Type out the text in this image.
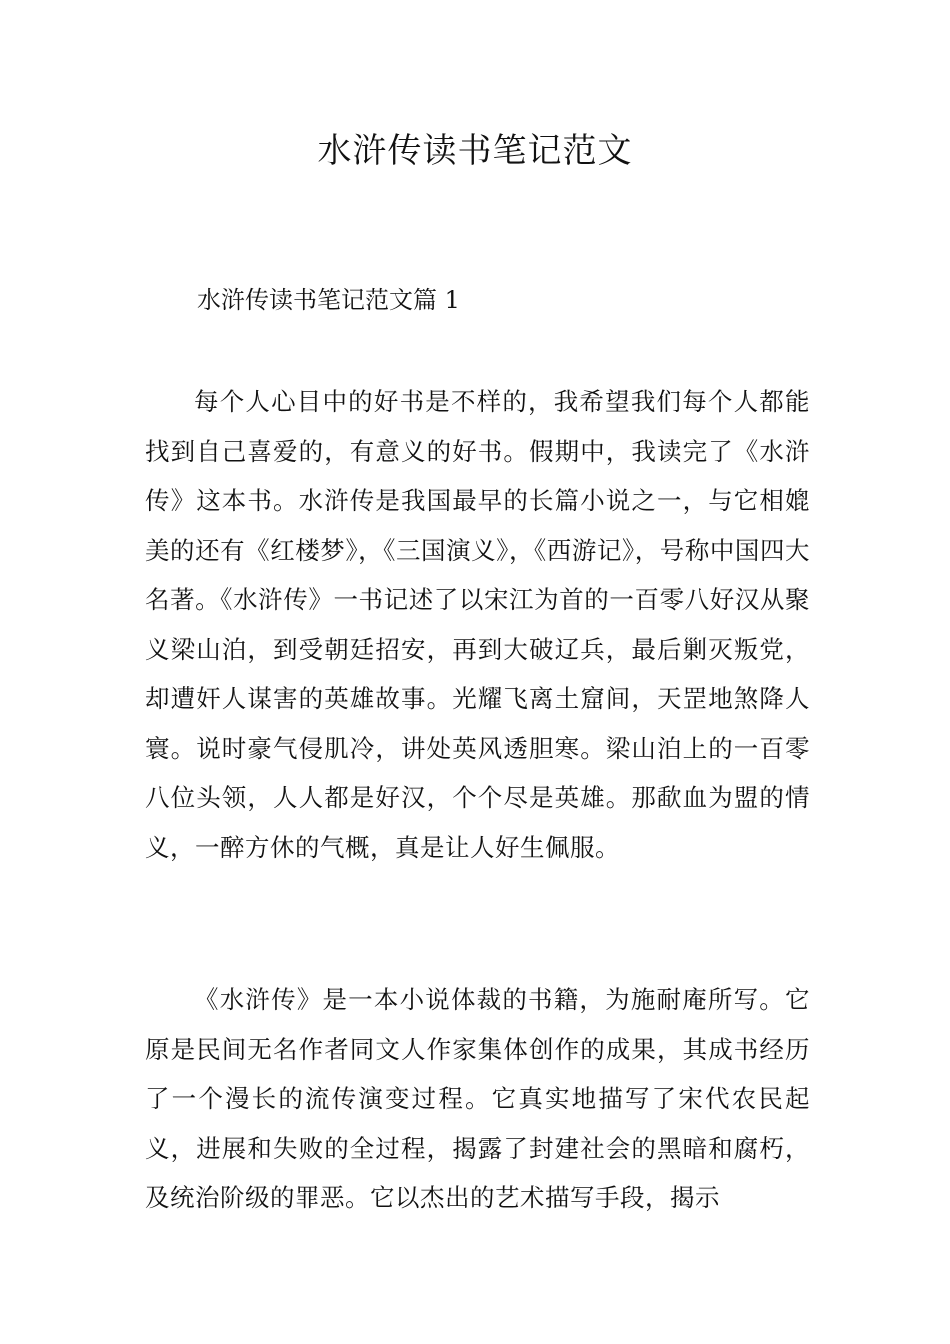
水浒传读书笔记范文

水浒传读书笔记范文篇 1

每个人心目中的好书是不样的，我希望我们每个人都能找到自己喜爱的，有意义的好书。假期中，我读完了《水浒传》这本书。水浒传是我国最早的长篇小说之一，与它相媲美的还有《红楼梦》，《三国演义》，《西游记》，号称中国四大名著。《水浒传》一书记述了以宋江为首的一百零八好汉从聚义梁山泊，到受朝廷招安，再到大破辽兵，最后剿灭叛党，却遭奸人谋害的英雄故事。光耀飞离土窟间，天罡地煞降人寰。说时豪气侵肌冷，讲处英风透胆寒。梁山泊上的一百零八位头领，人人都是好汉，个个尽是英雄。那歃血为盟的情义，一醉方休的气概，真是让人好生佩服。

《水浒传》是一本小说体裁的书籍，为施耐庵所写。它原是民间无名作者同文人作家集体创作的成果，其成书经历了一个漫长的流传演变过程。它真实地描写了宋代农民起义，进展和失败的全过程，揭露了封建社会的黑暗和腐朽，及统治阶级的罪恶。它以杰出的艺术描写手段，揭示
